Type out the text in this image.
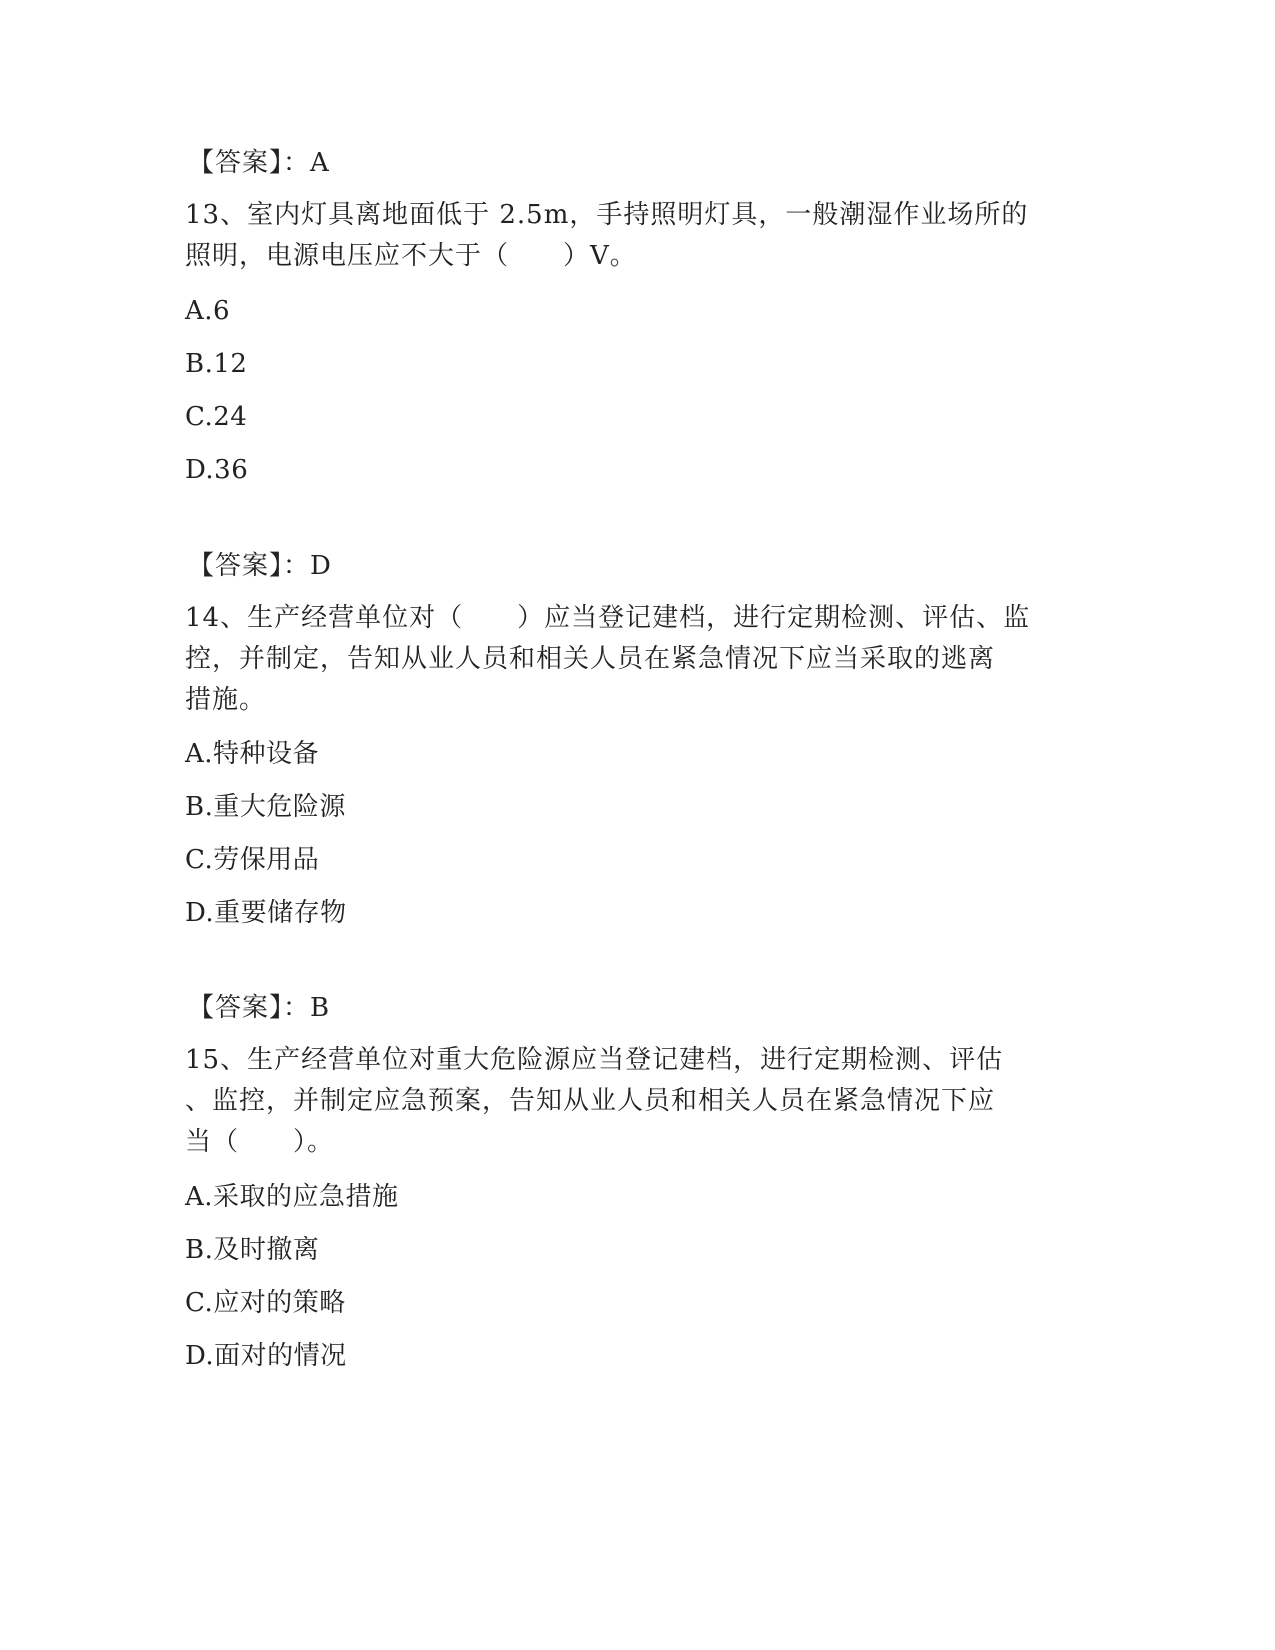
【答案】：A
13、室内灯具离地面低于 2.5m，手持照明灯具，一般潮湿作业场所的
照明，电源电压应不大于（　　）V。
A.6
B.12
C.24
D.36
【答案】：D
14、生产经营单位对（　　）应当登记建档，进行定期检测、评估、监
控，并制定，告知从业人员和相关人员在紧急情况下应当采取的逃离
措施。
A.特种设备
B.重大危险源
C.劳保用品
D.重要储存物
【答案】：B
15、生产经营单位对重大危险源应当登记建档，进行定期检测、评估
、监控，并制定应急预案，告知从业人员和相关人员在紧急情况下应
当（　　）。
A.采取的应急措施
B.及时撤离
C.应对的策略
D.面对的情况
